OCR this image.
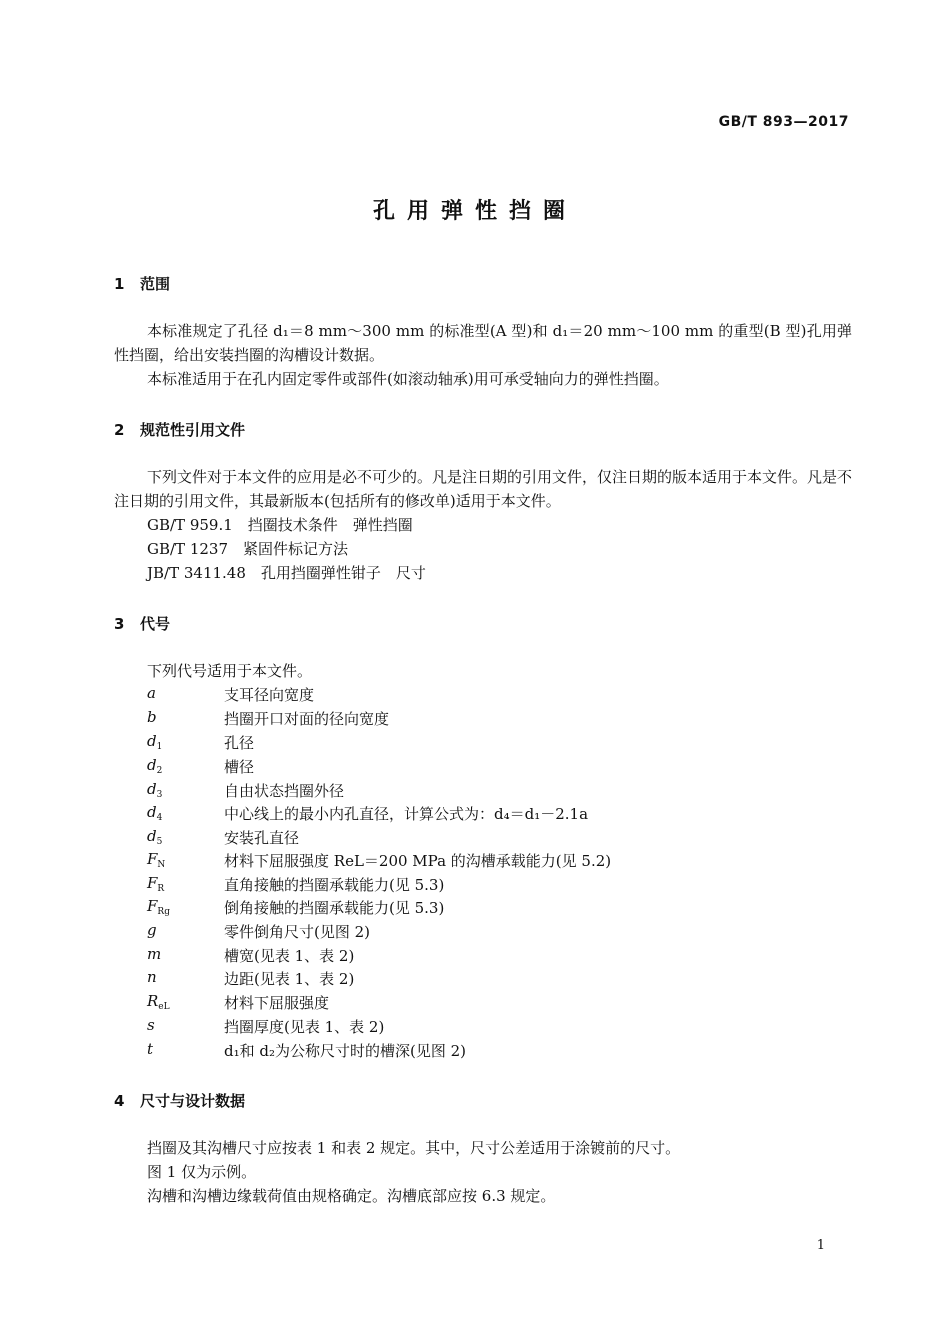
GB/T 893—2017
孔用弹性挡圈
1 范围

本标准规定了孔径 d₁＝8 mm～300 mm 的标准型(A 型)和 d₁＝20 mm～100 mm 的重型(B 型)孔用弹性挡圈，给出安装挡圈的沟槽设计数据。

本标准适用于在孔内固定零件或部件(如滚动轴承)用可承受轴向力的弹性挡圈。

2 规范性引用文件

下列文件对于本文件的应用是必不可少的。凡是注日期的引用文件，仅注日期的版本适用于本文件。凡是不注日期的引用文件，其最新版本(包括所有的修改单)适用于本文件。

GB/T 959.1　挡圈技术条件　弹性挡圈
GB/T 1237　紧固件标记方法
JB/T 3411.48　孔用挡圈弹性钳子　尺寸
3 代号
下列代号适用于本文件。
a	支耳径向宽度
b	挡圈开口对面的径向宽度
$d_1$	孔径
$d_2$	槽径
$d_3$	自由状态挡圈外径
$d_4$	中心线上的最小内孔直径，计算公式为：d₄＝d₁－2.1a
$d_5$	安装孔直径
$F_N$	材料下屈服强度 ReL＝200 MPa 的沟槽承载能力(见 5.2)
$F_R$	直角接触的挡圈承载能力(见 5.3)
$F_{Rg}$	倒角接触的挡圈承载能力(见 5.3)
g	零件倒角尺寸(见图 2)
m	槽宽(见表 1、表 2)
n	边距(见表 1、表 2)
$R_{eL}$	材料下屈服强度
s	挡圈厚度(见表 1、表 2)
t	d₁和 d₂为公称尺寸时的槽深(见图 2)
4 尺寸与设计数据
挡圈及其沟槽尺寸应按表 1 和表 2 规定。其中，尺寸公差适用于涂镀前的尺寸。
图 1 仅为示例。
沟槽和沟槽边缘载荷值由规格确定。沟槽底部应按 6.3 规定。
1
